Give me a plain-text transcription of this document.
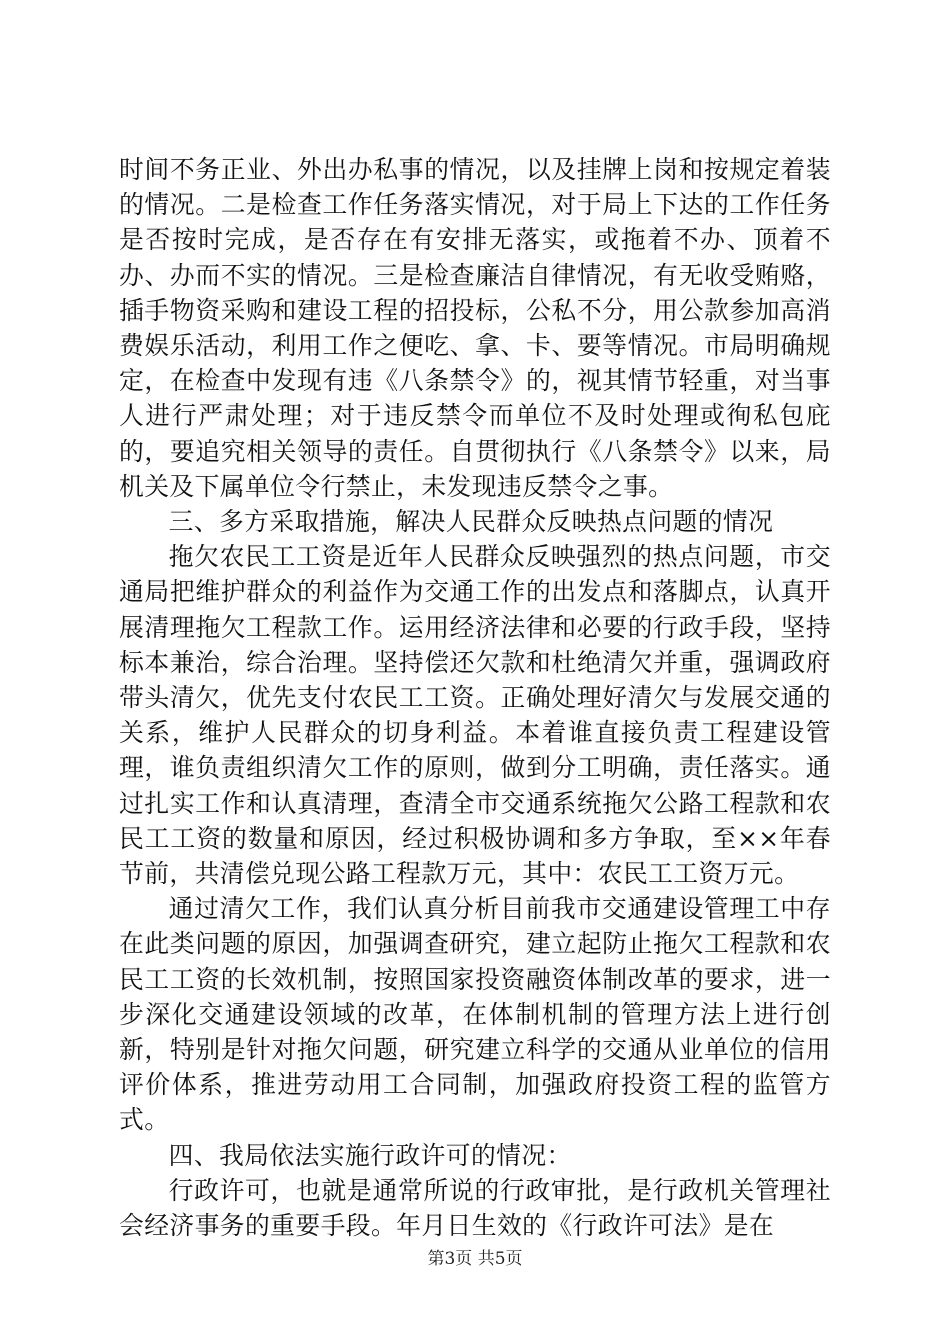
时间不务正业、外出办私事的情况，以及挂牌上岗和按规定着装的情况。二是检查工作任务落实情况，对于局上下达的工作任务是否按时完成，是否存在有安排无落实，或拖着不办、顶着不办、办而不实的情况。三是检查廉洁自律情况，有无收受贿赂，插手物资采购和建设工程的招投标，公私不分，用公款参加高消费娱乐活动，利用工作之便吃、拿、卡、要等情况。市局明确规定，在检查中发现有违《八条禁令》的，视其情节轻重，对当事人进行严肃处理；对于违反禁令而单位不及时处理或徇私包庇的，要追究相关领导的责任。自贯彻执行《八条禁令》以来，局机关及下属单位令行禁止，未发现违反禁令之事。

三、多方采取措施，解决人民群众反映热点问题的情况

拖欠农民工工资是近年人民群众反映强烈的热点问题，市交通局把维护群众的利益作为交通工作的出发点和落脚点，认真开展清理拖欠工程款工作。运用经济法律和必要的行政手段，坚持标本兼治，综合治理。坚持偿还欠款和杜绝清欠并重，强调政府带头清欠，优先支付农民工工资。正确处理好清欠与发展交通的关系，维护人民群众的切身利益。本着谁直接负责工程建设管理，谁负责组织清欠工作的原则，做到分工明确，责任落实。通过扎实工作和认真清理，查清全市交通系统拖欠公路工程款和农民工工资的数量和原因，经过积极协调和多方争取，至××年春节前，共清偿兑现公路工程款万元，其中：农民工工资万元。

通过清欠工作，我们认真分析目前我市交通建设管理工中存在此类问题的原因，加强调查研究，建立起防止拖欠工程款和农民工工资的长效机制，按照国家投资融资体制改革的要求，进一步深化交通建设领域的改革，在体制机制的管理方法上进行创新，特别是针对拖欠问题，研究建立科学的交通从业单位的信用评价体系，推进劳动用工合同制，加强政府投资工程的监管方式。

四、我局依法实施行政许可的情况：

行政许可，也就是通常所说的行政审批，是行政机关管理社会经济事务的重要手段。年月日生效的《行政许可法》是在

第3页 共5页
